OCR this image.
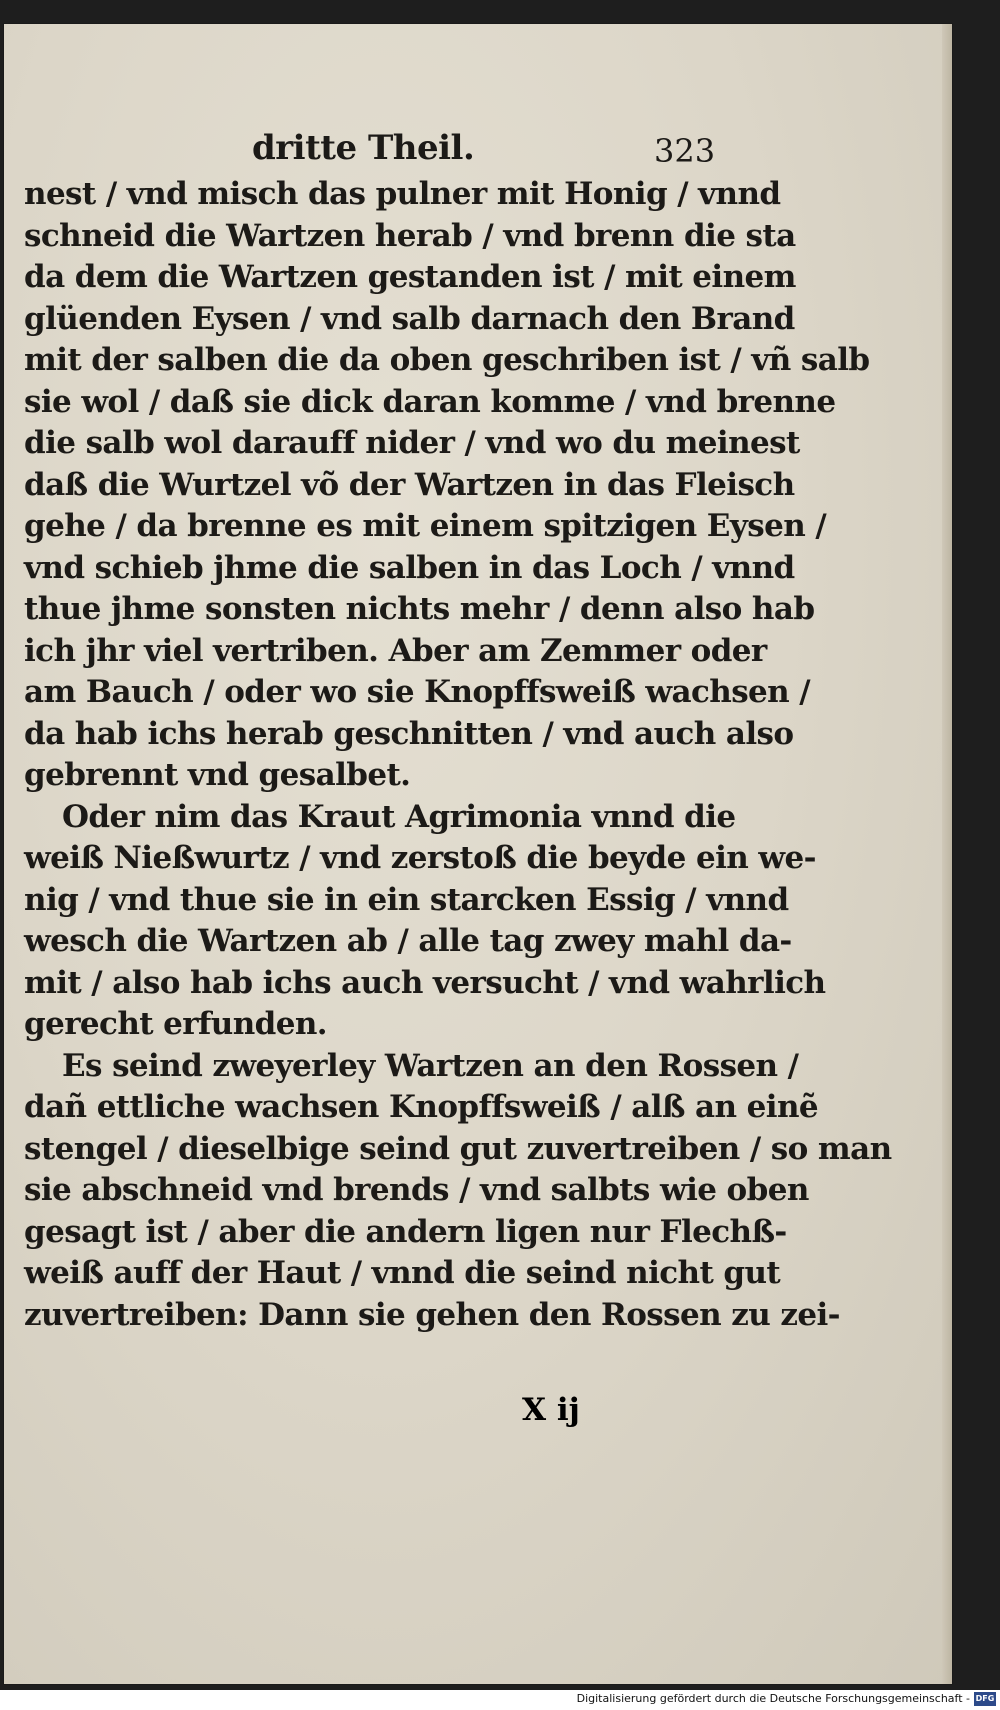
dritte Theil.	323
nest / vnd misch das pulner mit Honig / vnnd
schneid die Wartzen herab / vnd brenn die sta
da dem die Wartzen gestanden ist / mit einem
glüenden Eysen / vnd salb darnach den Brand
mit der salben die da oben geschriben ist / vñ salb
sie wol / daß sie dick daran komme / vnd brenne
die salb wol darauff nider / vnd wo du meinest
daß die Wurtzel võ der Wartzen in das Fleisch
gehe / da brenne es mit einem spitzigen Eysen /
vnd schieb jhme die salben in das Loch / vnnd
thue jhme sonsten nichts mehr / denn also hab
ich jhr viel vertriben. Aber am Zemmer oder
am Bauch / oder wo sie Knopffsweiß wachsen /
da hab ichs herab geschnitten / vnd auch also
gebrennt vnd gesalbet.
Oder nim das Kraut Agrimonia vnnd die
weiß Nießwurtz / vnd zerstoß die beyde ein we-
nig / vnd thue sie in ein starcken Essig / vnnd
wesch die Wartzen ab / alle tag zwey mahl da-
mit / also hab ichs auch versucht / vnd wahrlich
gerecht erfunden.
Es seind zweyerley Wartzen an den Rossen /
dañ ettliche wachsen Knopffsweiß / alß an einẽ
stengel / dieselbige seind gut zuvertreiben / so man
sie abschneid vnd brends / vnd salbts wie oben
gesagt ist / aber die andern ligen nur Flechß-
weiß auff der Haut / vnnd die seind nicht gut
zuvertreiben: Dann sie gehen den Rossen zu zei-
X ij
Digitalisierung gefördert durch die Deutsche Forschungsgemeinschaft - DFG
